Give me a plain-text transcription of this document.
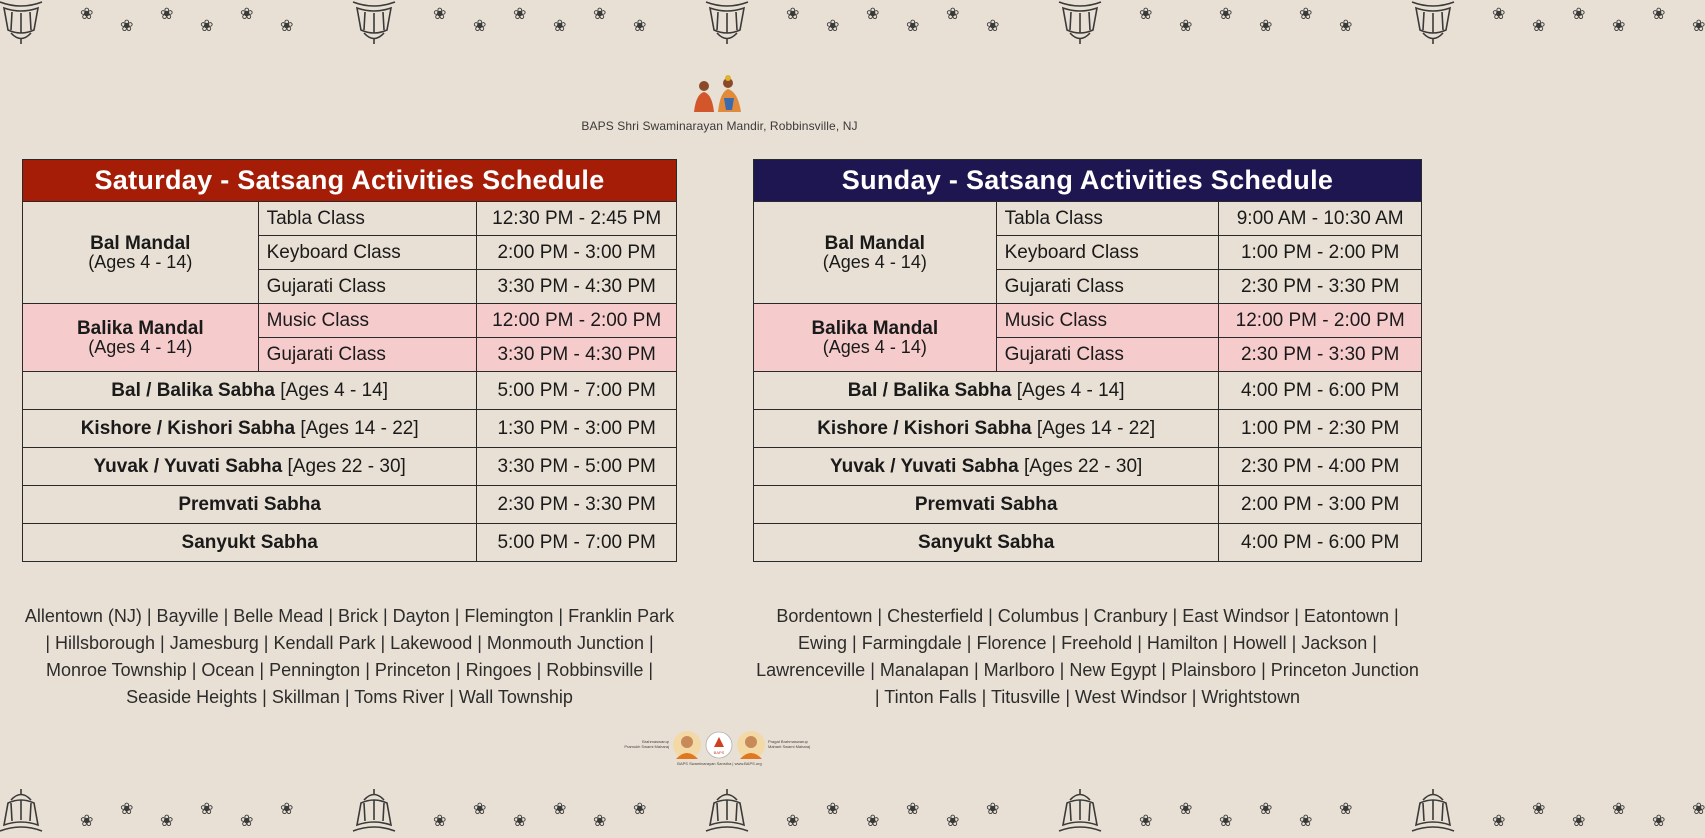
❀
❀
❀
❀
❀
❀
❀
❀
❀
❀
❀
❀
❀
❀
❀
❀
❀
❀
❀
❀
❀
❀
❀
❀
❀
❀
❀
❀
❀
❀
BAPS Shri Swaminarayan Mandir, Robbinsville, NJ
Saturday - Satsang Activities Schedule		

Bal Mandal
(Ages 4 - 14)	Tabla Class	12:30 PM - 2:45 PM
	Keyboard Class	2:00 PM - 3:00 PM
	Gujarati Class	3:30 PM - 4:30 PM

Balika Mandal
(Ages 4 - 14)	Music Class	12:00 PM - 2:00 PM
	Gujarati Class	3:30 PM - 4:30 PM
Bal / Balika Sabha [Ages 4 - 14]		5:00 PM - 7:00 PM
Kishore / Kishori Sabha [Ages 14 - 22]		1:30 PM - 3:00 PM
Yuvak / Yuvati Sabha [Ages 22 - 30]		3:30 PM - 5:00 PM
Premvati Sabha		2:30 PM - 3:30 PM
Sanyukt Sabha		5:00 PM - 7:00 PM
Sunday - Satsang Activities Schedule		

Bal Mandal
(Ages 4 - 14)	Tabla Class	9:00 AM - 10:30 AM
	Keyboard Class	1:00 PM - 2:00 PM
	Gujarati Class	2:30 PM - 3:30 PM

Balika Mandal
(Ages 4 - 14)	Music Class	12:00 PM - 2:00 PM
	Gujarati Class	2:30 PM - 3:30 PM
Bal / Balika Sabha [Ages 4 - 14]		4:00 PM - 6:00 PM
Kishore / Kishori Sabha [Ages 14 - 22]		1:00 PM - 2:30 PM
Yuvak / Yuvati Sabha [Ages 22 - 30]		2:30 PM - 4:00 PM
Premvati Sabha		2:00 PM - 3:00 PM
Sanyukt Sabha		4:00 PM - 6:00 PM
Allentown (NJ) | Bayville | Belle Mead | Brick | Dayton | Flemington | Franklin Park | Hillsborough | Jamesburg | Kendall Park | Lakewood | Monmouth Junction | Monroe Township | Ocean | Pennington | Princeton | Ringoes | Robbinsville | Seaside Heights | Skillman | Toms River | Wall Township
Bordentown | Chesterfield | Columbus | Cranbury | East Windsor | Eatontown | Ewing | Farmingdale | Florence | Freehold | Hamilton | Howell | Jackson | Lawrenceville | Manalapan | Marlboro | New Egypt | Plainsboro | Princeton Junction | Tinton Falls | Titusville | West Windsor | Wrightstown
Brahmaswarup
Pramukh Swami Maharaj
BAPS
Pragat Brahmaswarup
Mahant Swami Maharaj
BAPS Swaminarayan Sanstha | www.BAPS.org
❀
❀
❀
❀
❀
❀
❀
❀
❀
❀
❀
❀
❀
❀
❀
❀
❀
❀
❀
❀
❀
❀
❀
❀
❀
❀
❀
❀
❀
❀
